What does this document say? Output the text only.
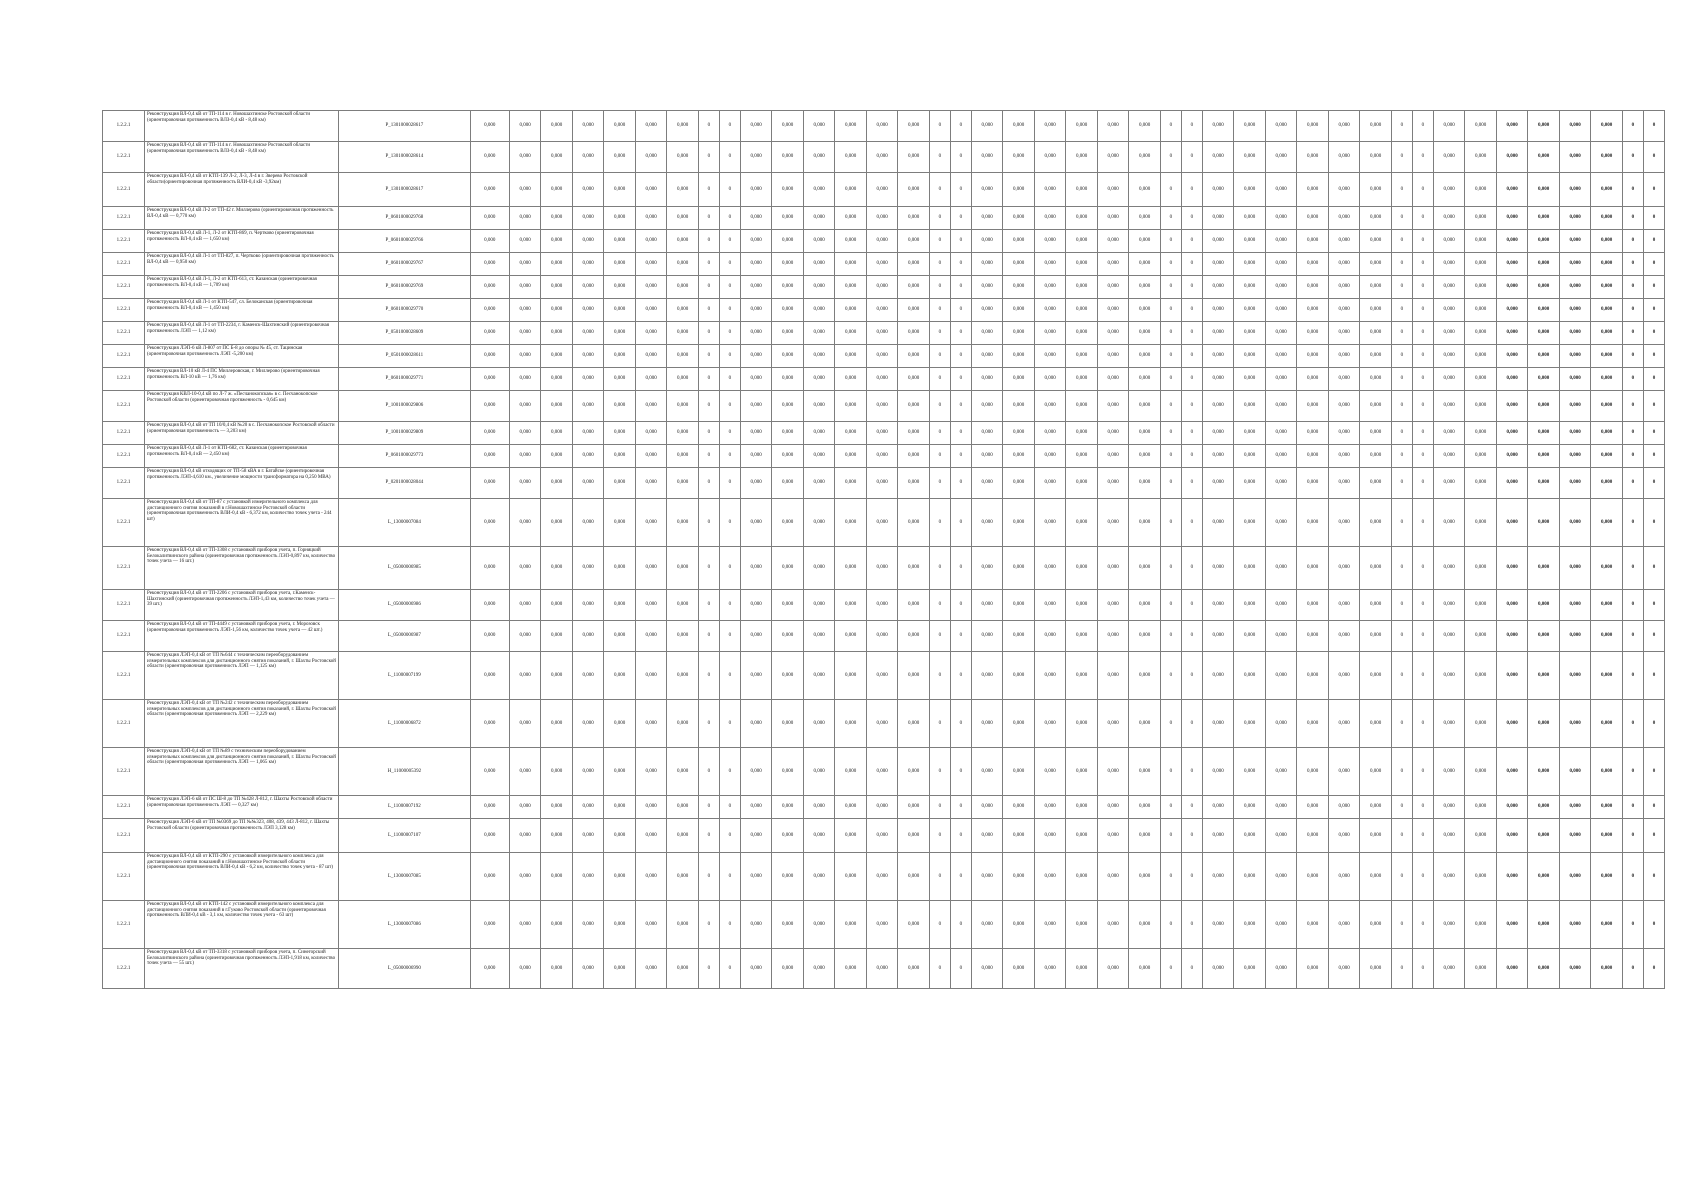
1.2.2.1	Реконструкция ВЛ-0,4 кВ от ТП-114 в г. Новошахтинске Ростовской области (ориентировочная протяженность ВЛЗ-0,4 кВ - 8,48 км)	P_1301000028617	0,000	0,000	0,000	0,000	0,000	0,000	0,000	0	0	0,000	0,000	0,000	0,000	0,000	0,000	0	0	0,000	0,000	0,000	0,000	0,000	0,000	0	0	0,000	0,000	0,000	0,000	0,000	0,000	0	0	0,000	0,000	0,000	0,000	0,000	0,000	0	0
1.2.2.1	Реконструкция ВЛ-0,4 кВ от ТП-114 в г. Новошахтинске Ростовской области (ориентировочная протяженность ВЛЗ-0,4 кВ - 8,48 км)	P_1301000028614	0,000	0,000	0,000	0,000	0,000	0,000	0,000	0	0	0,000	0,000	0,000	0,000	0,000	0,000	0	0	0,000	0,000	0,000	0,000	0,000	0,000	0	0	0,000	0,000	0,000	0,000	0,000	0,000	0	0	0,000	0,000	0,000	0,000	0,000	0,000	0	0
1.2.2.1	Реконструкция ВЛ-0,4 кВ от КТП-139 Л-2, Л-3, Л-4 в г. Зверево Ростовской области(ориентировочная протяженность ВЛИ-0,4 кВ -3,92км)	P_1301000028617	0,000	0,000	0,000	0,000	0,000	0,000	0,000	0	0	0,000	0,000	0,000	0,000	0,000	0,000	0	0	0,000	0,000	0,000	0,000	0,000	0,000	0	0	0,000	0,000	0,000	0,000	0,000	0,000	0	0	0,000	0,000	0,000	0,000	0,000	0,000	0	0
1.2.2.1	Реконструкция ВЛ-0,4 кВ Л-2 от ТП-42 г. Миллерово (ориентировочная протяженность ВЛ-0,4 кВ — 0,770 км)	P_0601000029768	0,000	0,000	0,000	0,000	0,000	0,000	0,000	0	0	0,000	0,000	0,000	0,000	0,000	0,000	0	0	0,000	0,000	0,000	0,000	0,000	0,000	0	0	0,000	0,000	0,000	0,000	0,000	0,000	0	0	0,000	0,000	0,000	0,000	0,000	0,000	0	0
1.2.2.1	Реконструкция ВЛ-0,4 кВ Л-1, Л-2 от КТП-869, п. Чертково (ориентировочная протяженность ВЛ-0,4 кВ — 1,650 км)	P_0601000029766	0,000	0,000	0,000	0,000	0,000	0,000	0,000	0	0	0,000	0,000	0,000	0,000	0,000	0,000	0	0	0,000	0,000	0,000	0,000	0,000	0,000	0	0	0,000	0,000	0,000	0,000	0,000	0,000	0	0	0,000	0,000	0,000	0,000	0,000	0,000	0	0
1.2.2.1	Реконструкция ВЛ-0,4 кВ Л-1 от ТП-827, п. Чертково (ориентировочная протяженность ВЛ-0,4 кВ — 0,950 км)	P_0601000029767	0,000	0,000	0,000	0,000	0,000	0,000	0,000	0	0	0,000	0,000	0,000	0,000	0,000	0,000	0	0	0,000	0,000	0,000	0,000	0,000	0,000	0	0	0,000	0,000	0,000	0,000	0,000	0,000	0	0	0,000	0,000	0,000	0,000	0,000	0,000	0	0
1.2.2.1	Реконструкция ВЛ-0,4 кВ Л-1, Л-2 от КТП-613, ст. Казанская (ориентировочная протяженность ВЛ-0,4 кВ — 1,709 км)	P_0601000029769	0,000	0,000	0,000	0,000	0,000	0,000	0,000	0	0	0,000	0,000	0,000	0,000	0,000	0,000	0	0	0,000	0,000	0,000	0,000	0,000	0,000	0	0	0,000	0,000	0,000	0,000	0,000	0,000	0	0	0,000	0,000	0,000	0,000	0,000	0,000	0	0
1.2.2.1	Реконструкция ВЛ-0,4 кВ Л-1 от КТП-547, сл. Белоканская (ориентировочная протяженность ВЛ-0,4 кВ — 1,450 км)	P_0601000029770	0,000	0,000	0,000	0,000	0,000	0,000	0,000	0	0	0,000	0,000	0,000	0,000	0,000	0,000	0	0	0,000	0,000	0,000	0,000	0,000	0,000	0	0	0,000	0,000	0,000	0,000	0,000	0,000	0	0	0,000	0,000	0,000	0,000	0,000	0,000	0	0
1.2.2.1	Реконструкция ВЛ-0,4 кВ Л-1 от ТП-2234, г. Каменск-Шахтинский (ориентировочная протяженность ЛЭП — 1,12 км)	P_0501000028609	0,000	0,000	0,000	0,000	0,000	0,000	0,000	0	0	0,000	0,000	0,000	0,000	0,000	0,000	0	0	0,000	0,000	0,000	0,000	0,000	0,000	0	0	0,000	0,000	0,000	0,000	0,000	0,000	0	0	0,000	0,000	0,000	0,000	0,000	0,000	0	0
1.2.2.1	Реконструкция ЛЭП-6 кВ Л-807 от ПС Б-8 до опоры № 45, ст. Тацинская (ориентировочная протяженность ЛЭП -5,200 км)	P_0501000028611	0,000	0,000	0,000	0,000	0,000	0,000	0,000	0	0	0,000	0,000	0,000	0,000	0,000	0,000	0	0	0,000	0,000	0,000	0,000	0,000	0,000	0	0	0,000	0,000	0,000	0,000	0,000	0,000	0	0	0,000	0,000	0,000	0,000	0,000	0,000	0	0
1.2.2.1	Реконструкция ВЛ-10 кВ Л-4 ПС Миллеровская, г. Миллерово (ориентировочная протяженность ВЛ-10 кВ — 1,76 км)	P_0601000029771	0,000	0,000	0,000	0,000	0,000	0,000	0,000	0	0	0,000	0,000	0,000	0,000	0,000	0,000	0	0	0,000	0,000	0,000	0,000	0,000	0,000	0	0	0,000	0,000	0,000	0,000	0,000	0,000	0	0	0,000	0,000	0,000	0,000	0,000	0,000	0	0
1.2.2.1	Реконструкция КВЛ-10-0,4 кВ по Л-7 ж. «Песчанокопская» в с. Песчанокопское Ростовской области (ориентировочная протяженность - 0,645 км)	P_1001000029806	0,000	0,000	0,000	0,000	0,000	0,000	0,000	0	0	0,000	0,000	0,000	0,000	0,000	0,000	0	0	0,000	0,000	0,000	0,000	0,000	0,000	0	0	0,000	0,000	0,000	0,000	0,000	0,000	0	0	0,000	0,000	0,000	0,000	0,000	0,000	0	0
1.2.2.1	Реконструкция ВЛ-0,4 кВ от ТП 10/0,4 кВ №20 в с. Песчанокопское Ростовской области (ориентировочная протяженность — 3,203 км)	P_1001000029809	0,000	0,000	0,000	0,000	0,000	0,000	0,000	0	0	0,000	0,000	0,000	0,000	0,000	0,000	0	0	0,000	0,000	0,000	0,000	0,000	0,000	0	0	0,000	0,000	0,000	0,000	0,000	0,000	0	0	0,000	0,000	0,000	0,000	0,000	0,000	0	0
1.2.2.1	Реконструкция ВЛ-0,4 кВ Л-1 от КТП-682, ст. Казанская (ориентировочная протяженность ВЛ-0,4 кВ — 2,450 км)	P_0601000029773	0,000	0,000	0,000	0,000	0,000	0,000	0,000	0	0	0,000	0,000	0,000	0,000	0,000	0,000	0	0	0,000	0,000	0,000	0,000	0,000	0,000	0	0	0,000	0,000	0,000	0,000	0,000	0,000	0	0	0,000	0,000	0,000	0,000	0,000	0,000	0	0
1.2.2.1	Реконструкция ВЛ-0,4 кВ отходящих от ТП-58 кВА в г. Батайске (ориентировочная протяженность ЛЭП-4,610 км., увеличение мощности трансформатора на 0,250 МВА)	P_0201000028044	0,000	0,000	0,000	0,000	0,000	0,000	0,000	0	0	0,000	0,000	0,000	0,000	0,000	0,000	0	0	0,000	0,000	0,000	0,000	0,000	0,000	0	0	0,000	0,000	0,000	0,000	0,000	0,000	0	0	0,000	0,000	0,000	0,000	0,000	0,000	0	0
1.2.2.1	Реконструкция ВЛ-0,4 кВ от ТП-87 с установкой измерительного комплекса для дистанционного снятия показаний в г.Новошахтинске Ростовской области (ориентировочная протяженность ВЛИ-0,4 кВ - 6,372 км, количество точек учета - 244 шт)	L_13000007084	0,000	0,000	0,000	0,000	0,000	0,000	0,000	0	0	0,000	0,000	0,000	0,000	0,000	0,000	0	0	0,000	0,000	0,000	0,000	0,000	0,000	0	0	0,000	0,000	0,000	0,000	0,000	0,000	0	0	0,000	0,000	0,000	0,000	0,000	0,000	0	0
1.2.2.1	Реконструкция ВЛ-0,4 кВ от ТП-3308 с установкой приборов учета, п. Горняцкий Белокалитвинского района (ориентировочная протяженность ЛЭП-0,897 км, количество точек учета — 16 шт.)	L_05000006985	0,000	0,000	0,000	0,000	0,000	0,000	0,000	0	0	0,000	0,000	0,000	0,000	0,000	0,000	0	0	0,000	0,000	0,000	0,000	0,000	0,000	0	0	0,000	0,000	0,000	0,000	0,000	0,000	0	0	0,000	0,000	0,000	0,000	0,000	0,000	0	0
1.2.2.1	Реконструкция ВЛ-0,4 кВ от ТП-2206 с установкой приборов учета, г.Каменск-Шахтинский (ориентировочная протяженность ЛЭП-1,43 км, количество точек учета — 39 шт.)	L_05000006986	0,000	0,000	0,000	0,000	0,000	0,000	0,000	0	0	0,000	0,000	0,000	0,000	0,000	0,000	0	0	0,000	0,000	0,000	0,000	0,000	0,000	0	0	0,000	0,000	0,000	0,000	0,000	0,000	0	0	0,000	0,000	0,000	0,000	0,000	0,000	0	0
1.2.2.1	Реконструкция ВЛ-0,4 кВ от ТП-4449 с установкой приборов учета, г. Морозовск (ориентировочная протяженность ЛЭП-1,56 км, количество точек учета — 42 шт.)	L_05000006987	0,000	0,000	0,000	0,000	0,000	0,000	0,000	0	0	0,000	0,000	0,000	0,000	0,000	0,000	0	0	0,000	0,000	0,000	0,000	0,000	0,000	0	0	0,000	0,000	0,000	0,000	0,000	0,000	0	0	0,000	0,000	0,000	0,000	0,000	0,000	0	0
1.2.2.1	Реконструкция ЛЭП-0,4 кВ от ТП №644 с техническим переоборудованием измерительных комплексов для дистанционного снятия показаний, г. Шахты Ростовской области (ориентировочная протяженность ЛЭП — 1,125 км)	L_11000007199	0,000	0,000	0,000	0,000	0,000	0,000	0,000	0	0	0,000	0,000	0,000	0,000	0,000	0,000	0	0	0,000	0,000	0,000	0,000	0,000	0,000	0	0	0,000	0,000	0,000	0,000	0,000	0,000	0	0	0,000	0,000	0,000	0,000	0,000	0,000	0	0
1.2.2.1	Реконструкция ЛЭП-0,4 кВ от ТП №242 с техническим переоборудованием измерительных комплексов для дистанционного снятия показаний, г. Шахты Ростовской области (ориентировочная протяженность ЛЭП — 2,229 км)	L_11000006872	0,000	0,000	0,000	0,000	0,000	0,000	0,000	0	0	0,000	0,000	0,000	0,000	0,000	0,000	0	0	0,000	0,000	0,000	0,000	0,000	0,000	0	0	0,000	0,000	0,000	0,000	0,000	0,000	0	0	0,000	0,000	0,000	0,000	0,000	0,000	0	0
1.2.2.1	Реконструкция ЛЭП-0,4 кВ от ТП №89 с техническим переоборудованием измерительных комплексов для дистанционного снятия показаний, г. Шахты Ростовской области (ориентировочная протяженность ЛЭП — 1,065 км)	H_11000005392	0,000	0,000	0,000	0,000	0,000	0,000	0,000	0	0	0,000	0,000	0,000	0,000	0,000	0,000	0	0	0,000	0,000	0,000	0,000	0,000	0,000	0	0	0,000	0,000	0,000	0,000	0,000	0,000	0	0	0,000	0,000	0,000	0,000	0,000	0,000	0	0
1.2.2.1	Реконструкция ЛЭП-6 кВ от ПС Ш-8 до ТП №428 Л-812, г. Шахты Ростовской области (ориентировочная протяженность ЛЭП — 0,327 км)	L_11000007192	0,000	0,000	0,000	0,000	0,000	0,000	0,000	0	0	0,000	0,000	0,000	0,000	0,000	0,000	0	0	0,000	0,000	0,000	0,000	0,000	0,000	0	0	0,000	0,000	0,000	0,000	0,000	0,000	0	0	0,000	0,000	0,000	0,000	0,000	0,000	0	0
1.2.2.1	Реконструкция ЛЭП-6 кВ от ТП №0369 до ТП №№323, 408, 439, 443 Л-812, г. Шахты Ростовской области (ориентировочная протяженность ЛЭП 3,128 км)	L_11000007107	0,000	0,000	0,000	0,000	0,000	0,000	0,000	0	0	0,000	0,000	0,000	0,000	0,000	0,000	0	0	0,000	0,000	0,000	0,000	0,000	0,000	0	0	0,000	0,000	0,000	0,000	0,000	0,000	0	0	0,000	0,000	0,000	0,000	0,000	0,000	0	0
1.2.2.1	Реконструкция ВЛ-0,4 кВ от КТП-290 с установкой измерительного комплекса для дистанционного снятия показаний в г.Новошахтинске Ростовской области (ориентировочная протяженность ВЛИ-0,4 кВ - 6,2 км, количество точек учета - 87 шт)	L_13000007085	0,000	0,000	0,000	0,000	0,000	0,000	0,000	0	0	0,000	0,000	0,000	0,000	0,000	0,000	0	0	0,000	0,000	0,000	0,000	0,000	0,000	0	0	0,000	0,000	0,000	0,000	0,000	0,000	0	0	0,000	0,000	0,000	0,000	0,000	0,000	0	0
1.2.2.1	Реконструкция ВЛ-0,4 кВ от КТП-142 с установкой измерительного комплекса для дистанционного снятия показаний в г.Гуково Ростовской области (ориентировочная протяженность ВЛИ-0,4 кВ - 3,1 км, количество точек учета - 63 шт)	L_13000007086	0,000	0,000	0,000	0,000	0,000	0,000	0,000	0	0	0,000	0,000	0,000	0,000	0,000	0,000	0	0	0,000	0,000	0,000	0,000	0,000	0,000	0	0	0,000	0,000	0,000	0,000	0,000	0,000	0	0	0,000	0,000	0,000	0,000	0,000	0,000	0	0
1.2.2.1	Реконструкция ВЛ-0,4 кВ от ТП-3318 с установкой приборов учета, п. Синегорский Белокалитвинского района (ориентировочная протяженность ЛЭП-1,918 км, количество точек учета — 55 шт.)	L_05000006990	0,000	0,000	0,000	0,000	0,000	0,000	0,000	0	0	0,000	0,000	0,000	0,000	0,000	0,000	0	0	0,000	0,000	0,000	0,000	0,000	0,000	0	0	0,000	0,000	0,000	0,000	0,000	0,000	0	0	0,000	0,000	0,000	0,000	0,000	0,000	0	0
